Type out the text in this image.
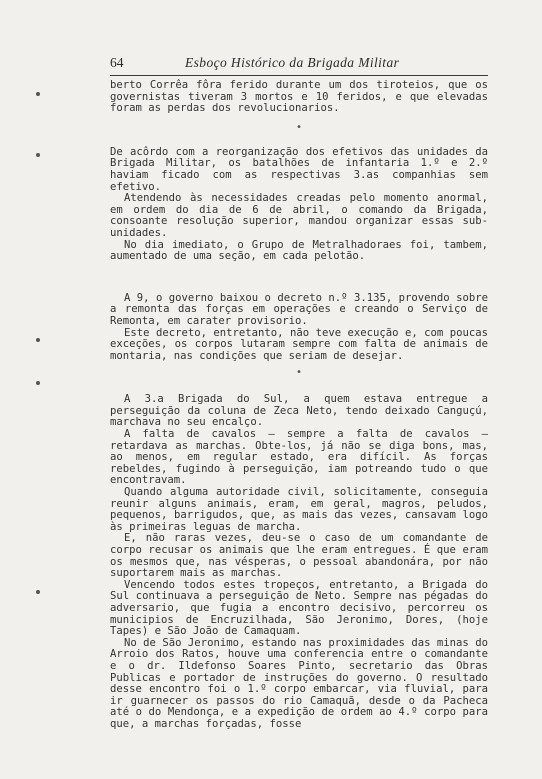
64	Esboço Histórico da Brigada Militar

berto Corrêa fôra ferido durante um dos tiroteios, que os governistas tiveram 3 mortos e 10 feridos, e que elevadas foram as perdas dos revolucionarios.

•

De acôrdo com a reorganização dos efetivos das unidades da Brigada Militar, os batalhões de infantaria 1.º e 2.º haviam ficado com as respectivas 3.as companhias sem efetivo.

Atendendo às necessidades creadas pelo momento anormal, em ordem do dia de 6 de abril, o comando da Brigada, consoante resolução superior, mandou organizar essas sub-unidades.

No dia imediato, o Grupo de Metralhadoraes foi, tambem, aumentado de uma seção, em cada pelotão.

A 9, o governo baixou o decreto n.º 3.135, provendo sobre a remonta das forças em operações e creando o Serviço de Remonta, em carater provisorio.

Este decreto, entretanto, não teve execução e, com poucas exceções, os corpos lutaram sempre com falta de animais de montaria, nas condições que seriam de desejar.

•

A 3.a Brigada do Sul, a quem estava entregue a perseguição da coluna de Zeca Neto, tendo deixado Canguçú, marchava no seu encalço.

A falta de cavalos — sempre a falta de cavalos — retardava as marchas. Obte-los, já não se diga bons, mas, ao menos, em regular estado, era difícil. As forças rebeldes, fugindo à perseguição, iam potreando tudo o que encontravam.

Quando alguma autoridade civil, solicitamente, conseguia reunir alguns animais, eram, em geral, magros, peludos, pequenos, barrigudos, que, as mais das vezes, cansavam logo às primeiras leguas de marcha.

E, não raras vezes, deu-se o caso de um comandante de corpo recusar os animais que lhe eram entregues. É que eram os mesmos que, nas vésperas, o pessoal abandonára, por não suportarem mais as marchas.

Vencendo todos estes tropeços, entretanto, a Brigada do Sul continuava a perseguição de Neto. Sempre nas pégadas do adversario, que fugia a encontro decisivo, percorreu os municipios de Encruzilhada, São Jeronimo, Dores, (hoje Tapes) e São João de Camaquam.

No de São Jeronimo, estando nas proximidades das minas do Arroio dos Ratos, houve uma conferencia entre o comandante e o dr. Ildefonso Soares Pinto, secretario das Obras Publicas e portador de instruções do governo. O resultado desse encontro foi o 1.º corpo embarcar, via fluvial, para ir guarnecer os passos do rio Camaquã, desde o da Pacheca até o do Mendonça, e a expedição de ordem ao 4.º corpo para que, a marchas forçadas, fosse
